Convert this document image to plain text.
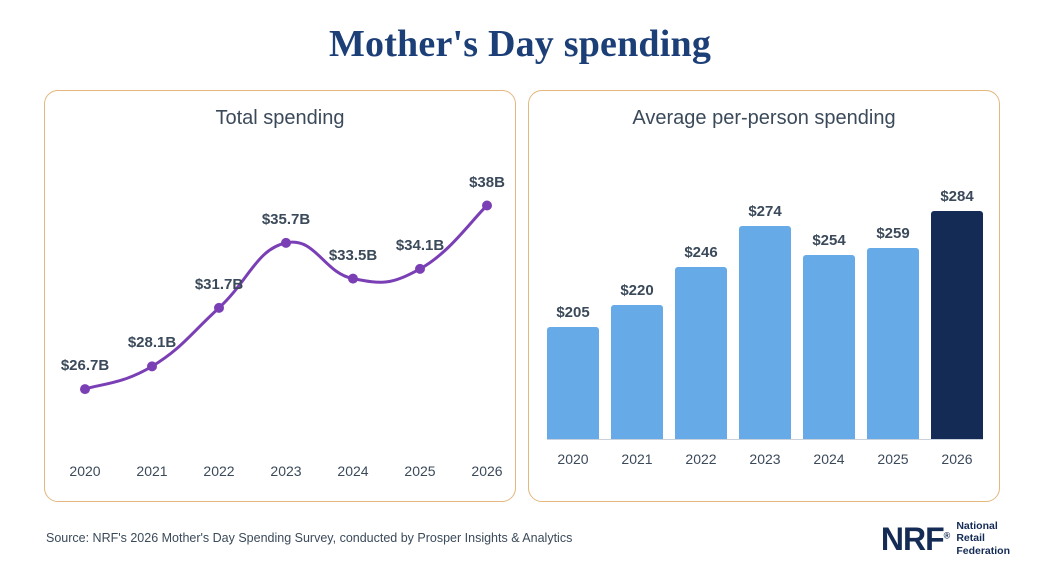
Mother's Day spending
Total spending
$26.7B
$28.1B
$31.7B
$35.7B
$33.5B
$34.1B
$38B
2020	2021	2022	2023	2024	2025	2026
Average per-person spending
$205
$220
$246
$274
$254 $259
$284
2020	2021	2022	2023	2024	2025	2026
Source: NRF's 2026 Mother's Day Spending Survey, conducted by Prosper Insights & Analytics	NRF®
National
Retail
Federation
